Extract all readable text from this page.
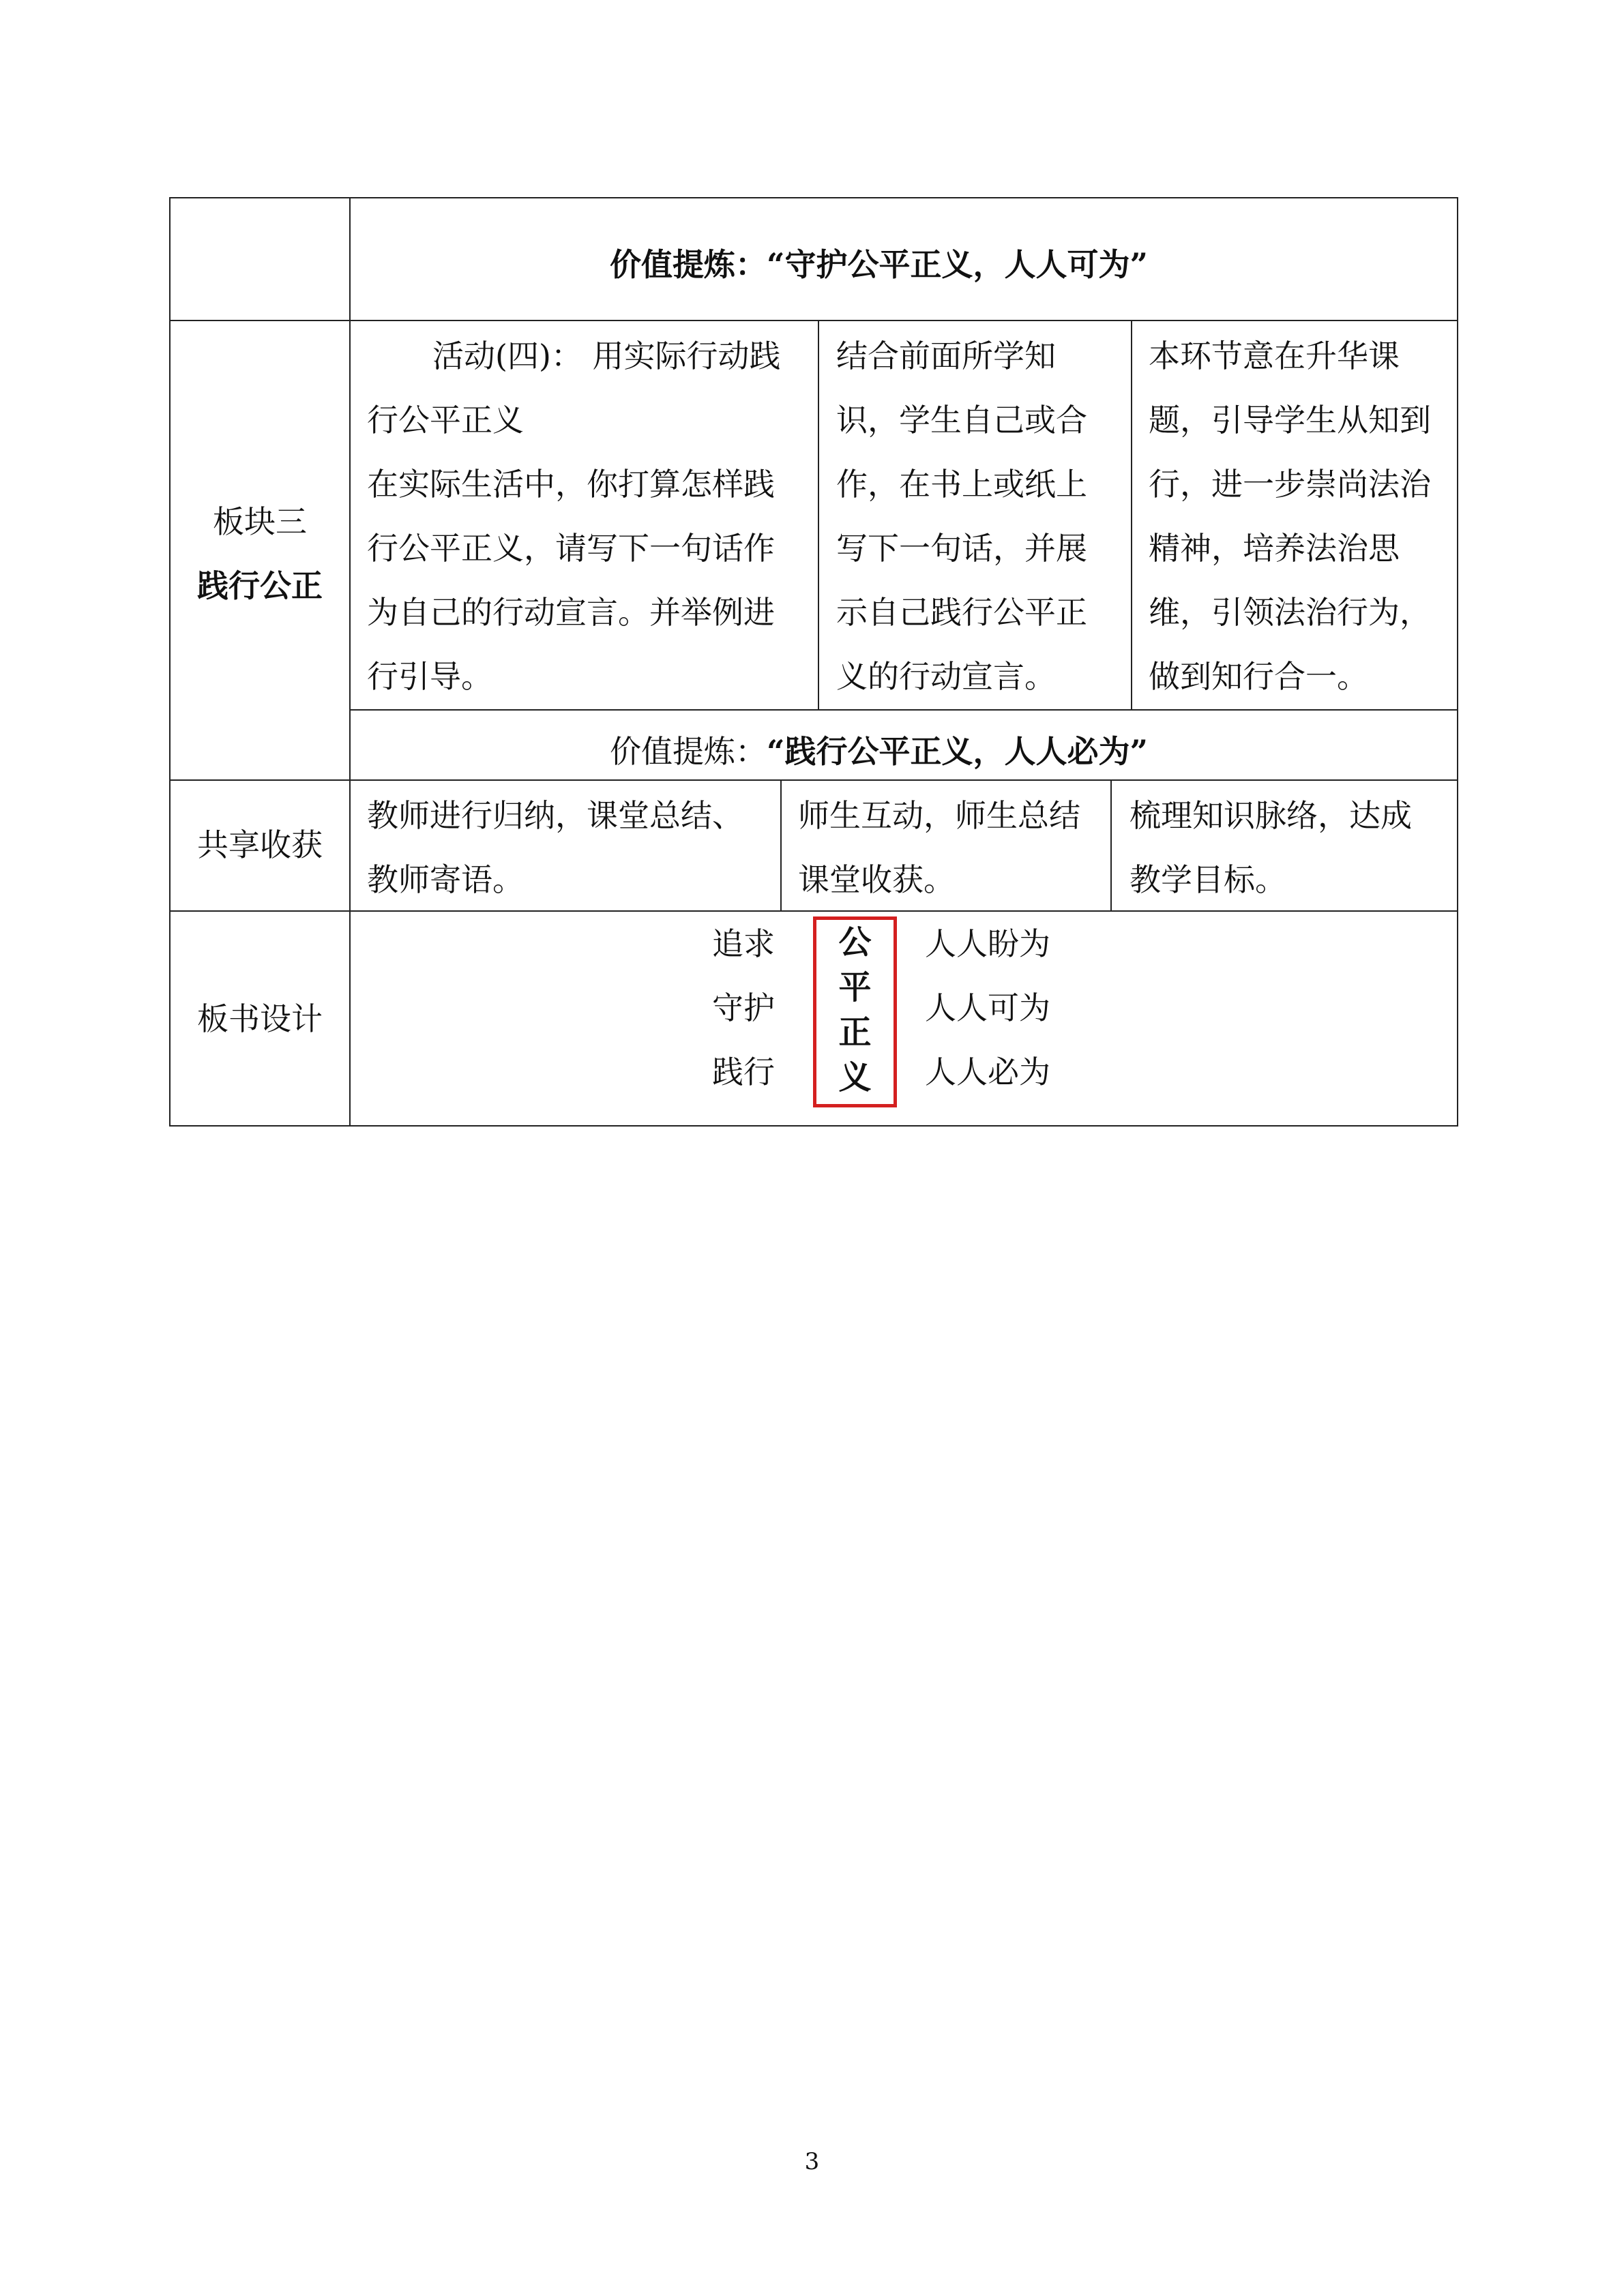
价值提炼：“守护公平正义，人人可为”
板块三
践行公正
活动(四)： 用实际行动践
行公平正义
在实际生活中，你打算怎样践
行公平正义，请写下一句话作
为自己的行动宣言。并举例进
行引导。
结合前面所学知
识，学生自己或合
作，在书上或纸上
写下一句话，并展
示自己践行公平正
义的行动宣言。
本环节意在升华课
题，引导学生从知到
行，进一步崇尚法治
精神，培养法治思
维，引领法治行为，
做到知行合一。
价值提炼：“践行公平正义，人人必为”
共享收获
教师进行归纳，课堂总结、
教师寄语。
师生互动，师生总结
课堂收获。
梳理知识脉络，达成
教学目标。
板书设计
追求
守护
践行
公
平
正
义
人人盼为
人人可为
人人必为
3
